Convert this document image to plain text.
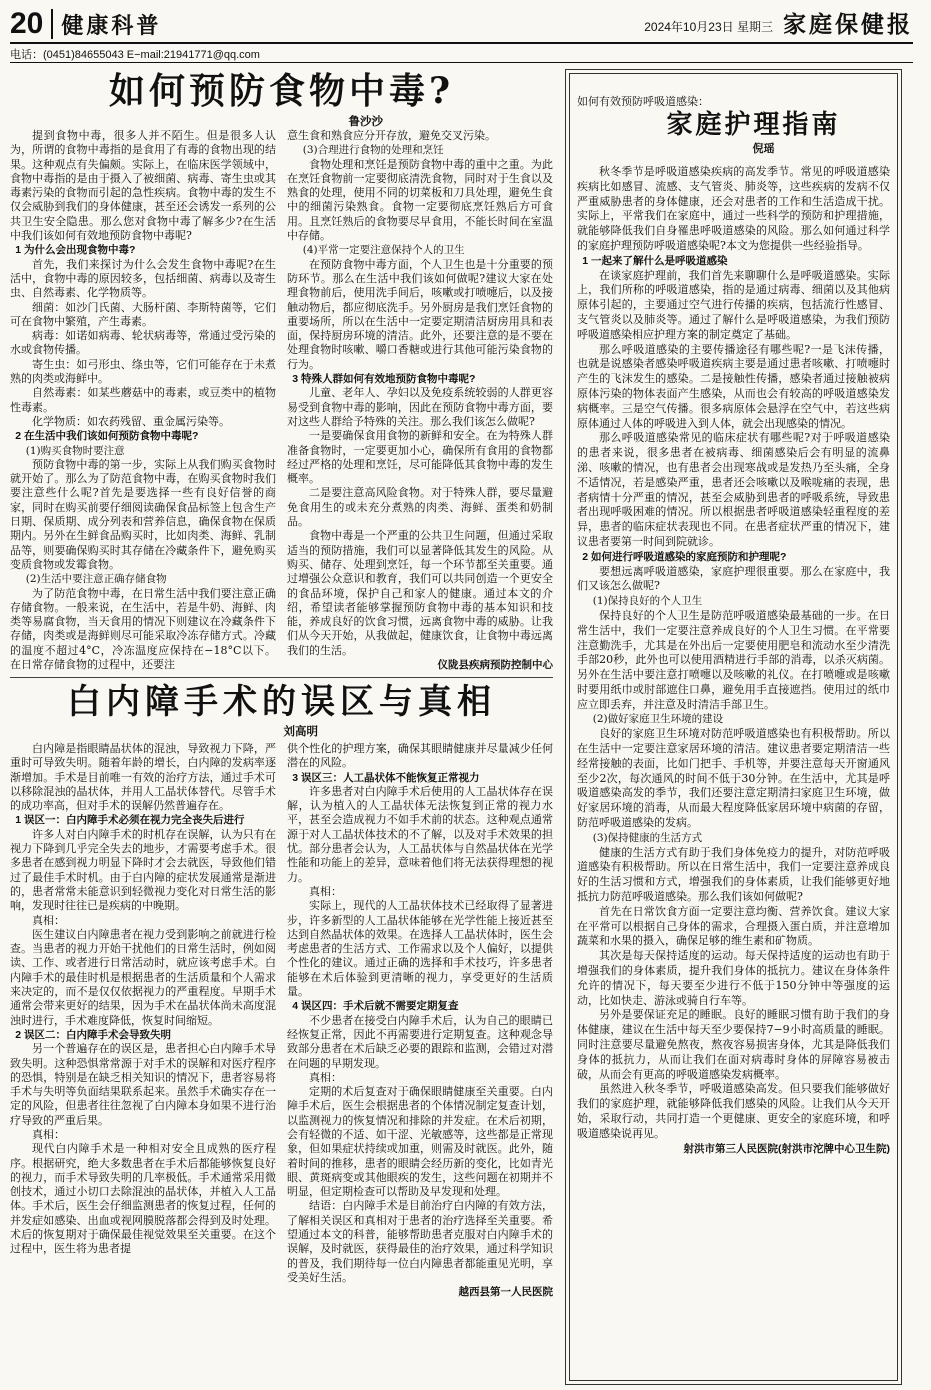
20 健康科普	2024年10月23日 星期三 家庭保健报
电话：(0451)84655043 E−mail:21941771@qq.com
如何预防食物中毒?
鲁沙沙

提到食物中毒，很多人并不陌生。但是很多人认为，所谓的食物中毒指的是食用了有毒的食物出现的结果。这种观点有失偏颇。实际上，在临床医学领域中，食物中毒指的是由于摄入了被细菌、病毒、寄生虫或其毒素污染的食物而引起的急性疾病。食物中毒的发生不仅会威胁到我们的身体健康，甚至还会诱发一系列的公共卫生安全隐患。那么您对食物中毒了解多少?在生活中我们该如何有效地预防食物中毒呢?

1 为什么会出现食物中毒?

首先，我们来探讨为什么会发生食物中毒呢?在生活中，食物中毒的原因较多，包括细菌、病毒以及寄生虫、自然毒素、化学物质等。

细菌：如沙门氏菌、大肠杆菌、李斯特菌等，它们可在食物中繁殖，产生毒素。

病毒：如诺如病毒、轮状病毒等，常通过受污染的水或食物传播。

寄生虫：如弓形虫、绦虫等，它们可能存在于未煮熟的肉类或海鲜中。

自然毒素：如某些蘑菇中的毒素，或豆类中的植物性毒素。

化学物质：如农药残留、重金属污染等。

2 在生活中我们该如何预防食物中毒呢?
(1)购买食物时要注意

预防食物中毒的第一步，实际上从我们购买食物时就开始了。那么为了防范食物中毒，在购买食物时我们要注意些什么呢?首先是要选择一些有良好信誉的商家，同时在购买前要仔细阅读确保食品标签上包含生产日期、保质期、成分列表和营养信息，确保食物在保质期内。另外在生鲜食品购买时，比如肉类、海鲜、乳制品等，则要确保购买时其存储在冷藏条件下，避免购买变质食物或发霉食物。

(2)生活中要注意正确存储食物

为了防范食物中毒，在日常生活中我们要注意正确存储食物。一般来说，在生活中，若是牛奶、海鲜、肉类等易腐食物，当天食用的情况下则建议在冷藏条件下存储，肉类或是海鲜则尽可能采取冷冻存储方式。冷藏的温度不超过4°C，冷冻温度应保持在−18°C以下。在日常存储食物的过程中，还要注

意生食和熟食应分开存放，避免交叉污染。

(3)合理进行食物的处理和烹饪

食物处理和烹饪是预防食物中毒的重中之重。为此在烹饪食物前一定要彻底清洗食物，同时对于生食以及熟食的处理，使用不同的切菜板和刀具处理，避免生食中的细菌污染熟食。食物一定要彻底烹饪熟后方可食用。且烹饪熟后的食物要尽早食用，不能长时间在室温中存储。

(4)平常一定要注意保持个人的卫生

在预防食物中毒方面，个人卫生也是十分重要的预防环节。那么在生活中我们该如何做呢?建议大家在处理食物前后，使用洗手间后，咳嗽或打喷嚏后，以及接触动物后，都应彻底洗手。另外厨房是我们烹饪食物的重要场所，所以在生活中一定要定期清洁厨房用具和表面，保持厨房环境的清洁。此外，还要注意的是不要在处理食物时咳嗽、嚼口香糖或进行其他可能污染食物的行为。

3 特殊人群如何有效地预防食物中毒呢?

儿童、老年人、孕妇以及免疫系统较弱的人群更容易受到食物中毒的影响，因此在预防食物中毒方面，要对这些人群给予特殊的关注。那么我们该怎么做呢?

一是要确保食用食物的新鲜和安全。在为特殊人群准备食物时，一定要更加小心，确保所有食用的食物都经过严格的处理和烹饪，尽可能降低其食物中毒的发生概率。

二是要注意高风险食物。对于特殊人群，要尽量避免食用生的或未充分煮熟的肉类、海鲜、蛋类和奶制品。

食物中毒是一个严重的公共卫生问题，但通过采取适当的预防措施，我们可以显著降低其发生的风险。从购买、储存、处理到烹饪，每一个环节都至关重要。通过增强公众意识和教育，我们可以共同创造一个更安全的食品环境，保护自己和家人的健康。通过本文的介绍，希望读者能够掌握预防食物中毒的基本知识和技能，养成良好的饮食习惯，远离食物中毒的威胁。让我们从今天开始，从我做起，健康饮食，让食物中毒远离我们的生活。

仪陇县疾病预防控制中心
白内障手术的误区与真相
刘高明

白内障是指眼睛晶状体的混浊，导致视力下降，严重时可导致失明。随着年龄的增长，白内障的发病率逐渐增加。手术是目前唯一有效的治疗方法，通过手术可以移除混浊的晶状体，并用人工晶状体替代。尽管手术的成功率高，但对手术的误解仍然普遍存在。

1 误区一：白内障手术必须在视力完全丧失后进行

许多人对白内障手术的时机存在误解，认为只有在视力下降到几乎完全失去的地步，才需要考虑手术。很多患者在感到视力明显下降时才会去就医，导致他们错过了最佳手术时机。由于白内障的症状发展通常是渐进的，患者常常未能意识到轻微视力变化对日常生活的影响，发现时往往已是疾病的中晚期。

真相：

医生建议白内障患者在视力受到影响之前就进行检查。当患者的视力开始干扰他们的日常生活时，例如阅读、工作、或者进行日常活动时，就应该考虑手术。白内障手术的最佳时机是根据患者的生活质量和个人需求来决定的，而不是仅仅依据视力的严重程度。早期手术通常会带来更好的结果，因为手术在晶状体尚未高度混浊时进行，手术难度降低，恢复时间缩短。

2 误区二：白内障手术会导致失明

另一个普遍存在的误区是，患者担心白内障手术导致失明。这种恐惧常常源于对手术的误解和对医疗程序的恐惧，特别是在缺乏相关知识的情况下，患者容易将手术与失明等负面结果联系起来。虽然手术确实存在一定的风险，但患者往往忽视了白内障本身如果不进行治疗导致的严重后果。

真相：

现代白内障手术是一种相对安全且成熟的医疗程序。根据研究，绝大多数患者在手术后都能够恢复良好的视力，而手术导致失明的几率极低。手术通常采用微创技术，通过小切口去除混浊的晶状体，并植入人工晶体。手术后，医生会仔细监测患者的恢复过程，任何的并发症如感染、出血或视网膜脱落都会得到及时处理。术后的恢复期对于确保最佳视觉效果至关重要。在这个过程中，医生将为患者提

供个性化的护理方案，确保其眼睛健康并尽量减少任何潜在的风险。

3 误区三：人工晶状体不能恢复正常视力

许多患者对白内障手术后使用的人工晶状体存在误解，认为植入的人工晶状体无法恢复到正常的视力水平，甚至会造成视力不如手术前的状态。这种观点通常源于对人工晶状体技术的不了解，以及对手术效果的担忧。部分患者会认为，人工晶状体与自然晶状体在光学性能和功能上的差异，意味着他们将无法获得理想的视力。

真相：

实际上，现代的人工晶状体技术已经取得了显著进步，许多新型的人工晶状体能够在光学性能上接近甚至达到自然晶状体的效果。在选择人工晶状体时，医生会考虑患者的生活方式、工作需求以及个人偏好，以提供个性化的建议。通过正确的选择和手术技巧，许多患者能够在术后体验到更清晰的视力，享受更好的生活质量。

4 误区四：手术后就不需要定期复查

不少患者在接受白内障手术后，认为自己的眼睛已经恢复正常，因此不再需要进行定期复查。这种观念导致部分患者在术后缺乏必要的跟踪和监测，会错过对潜在问题的早期发现。

真相：

定期的术后复查对于确保眼睛健康至关重要。白内障手术后，医生会根据患者的个体情况制定复查计划，以监测视力的恢复情况和排除的并发症。在术后初期，会有轻微的不适、如干涩、光敏感等，这些都是正常现象，但如果症状持续或加重，则需及时就医。此外，随着时间的推移，患者的眼睛会经历新的变化，比如青光眼、黄斑病变或其他眼疾的发生，这些问题在初期并不明显，但定期检查可以帮助及早发现和处理。

结语：白内障手术是目前治疗白内障的有效方法，了解相关误区和真相对于患者的治疗选择至关重要。希望通过本文的科普，能够帮助患者克服对白内障手术的误解，及时就医，获得最佳的治疗效果，通过科学知识的普及，我们期待每一位白内障患者都能重见光明，享受美好生活。

越西县第一人民医院
如何有效预防呼吸道感染：
家庭护理指南
倪瑶

秋冬季节是呼吸道感染疾病的高发季节。常见的呼吸道感染疾病比如感冒、流感、支气管炎、肺炎等，这些疾病的发病不仅严重威胁患者的身体健康，还会对患者的工作和生活造成干扰。实际上，平常我们在家庭中，通过一些科学的预防和护理措施，就能够降低我们自身罹患呼吸道感染的风险。那么如何通过科学的家庭护理预防呼吸道感染呢?本文为您提供一些经验指导。

1 一起来了解什么是呼吸道感染

在谈家庭护理前，我们首先来聊聊什么是呼吸道感染。实际上，我们所称的呼吸道感染，指的是通过病毒、细菌以及其他病原体引起的，主要通过空气进行传播的疾病，包括流行性感冒、支气管炎以及肺炎等。通过了解什么是呼吸道感染，为我们预防呼吸道感染相应护理方案的制定奠定了基础。

那么呼吸道感染的主要传播途径有哪些呢?一是飞沫传播，也就是说感染者感染呼吸道疾病主要是通过患者咳嗽、打喷嚏时产生的飞沫发生的感染。二是接触性传播，感染者通过接触被病原体污染的物体表面产生感染，从而也会有较高的呼吸道感染发病概率。三是空气传播。很多病原体会悬浮在空气中，若这些病原体通过人体的呼吸进入到人体，就会出现感染的情况。

那么呼吸道感染常见的临床症状有哪些呢?对于呼吸道感染的患者来说，很多患者在被病毒、细菌感染后会有明显的流鼻涕、咳嗽的情况，也有患者会出现寒战或是发热乃至头痛，全身不适情况，若是感染严重，患者还会咳嗽以及喉咙痛的表现，患者病情十分严重的情况，甚至会威胁到患者的呼吸系统，导致患者出现呼吸困难的情况。所以根据患者呼吸道感染轻重程度的差异，患者的临床症状表现也不同。在患者症状严重的情况下，建议患者要第一时间到院就诊。

2 如何进行呼吸道感染的家庭预防和护理呢?

要想远离呼吸道感染，家庭护理很重要。那么在家庭中，我们又该怎么做呢?

(1)保持良好的个人卫生

保持良好的个人卫生是防范呼吸道感染最基础的一步。在日常生活中，我们一定要注意养成良好的个人卫生习惯。在平常要注意勤洗手，尤其是在外出后一定要使用肥皂和流动水至少清洗手部20秒，此外也可以使用酒精进行手部的消毒，以杀灭病菌。另外在生活中要注意打喷嚏以及咳嗽的礼仪。在打喷嚏或是咳嗽时要用纸巾或肘部遮住口鼻，避免用手直接遮挡。使用过的纸巾应立即丢弃，并注意及时清洁手部卫生。

(2)做好家庭卫生环境的建设

良好的家庭卫生环境对防范呼吸道感染也有积极帮助。所以在生活中一定要注意家居环境的清洁。建议患者要定期清洁一些经常接触的表面，比如门把手、手机等，并要注意每天开窗通风至少2次，每次通风的时间不低于30分钟。在生活中，尤其是呼吸道感染高发的季节，我们还要注意定期清扫家庭卫生环境，做好家居环境的消毒，从而最大程度降低家居环境中病菌的存留，防范呼吸道感染的发病。

(3)保持健康的生活方式

健康的生活方式有助于我们身体免疫力的提升，对防范呼吸道感染有积极帮助。所以在日常生活中，我们一定要注意养成良好的生活习惯和方式，增强我们的身体素质，让我们能够更好地抵抗力防范呼吸道感染。那么我们该如何做呢?

首先在日常饮食方面一定要注意均衡、营养饮食。建议大家在平常可以根据自己身体的需求，合理摄入蛋白质，并注意增加蔬菜和水果的摄入，确保足够的维生素和矿物质。

其次是每天保持适度的运动。每天保持适度的运动也有助于增强我们的身体素质，提升我们身体的抵抗力。建议在身体条件允许的情况下，每天要至少进行不低于150分钟中等强度的运动，比如快走、游泳或骑自行车等。

另外是要保证充足的睡眠。良好的睡眠习惯有助于我们的身体健康，建议在生活中每天至少要保持7−9小时高质量的睡眠。同时注意要尽量避免熬夜，熬夜容易损害身体，尤其是降低我们身体的抵抗力，从而让我们在面对病毒时身体的屏障容易被击破，从而会有更高的呼吸道感染发病概率。

虽然进入秋冬季节，呼吸道感染高发。但只要我们能够做好我们的家庭护理，就能够降低我们感染的风险。让我们从今天开始，采取行动，共同打造一个更健康、更安全的家庭环境，和呼吸道感染说再见。

射洪市第三人民医院(射洪市沱牌中心卫生院)
